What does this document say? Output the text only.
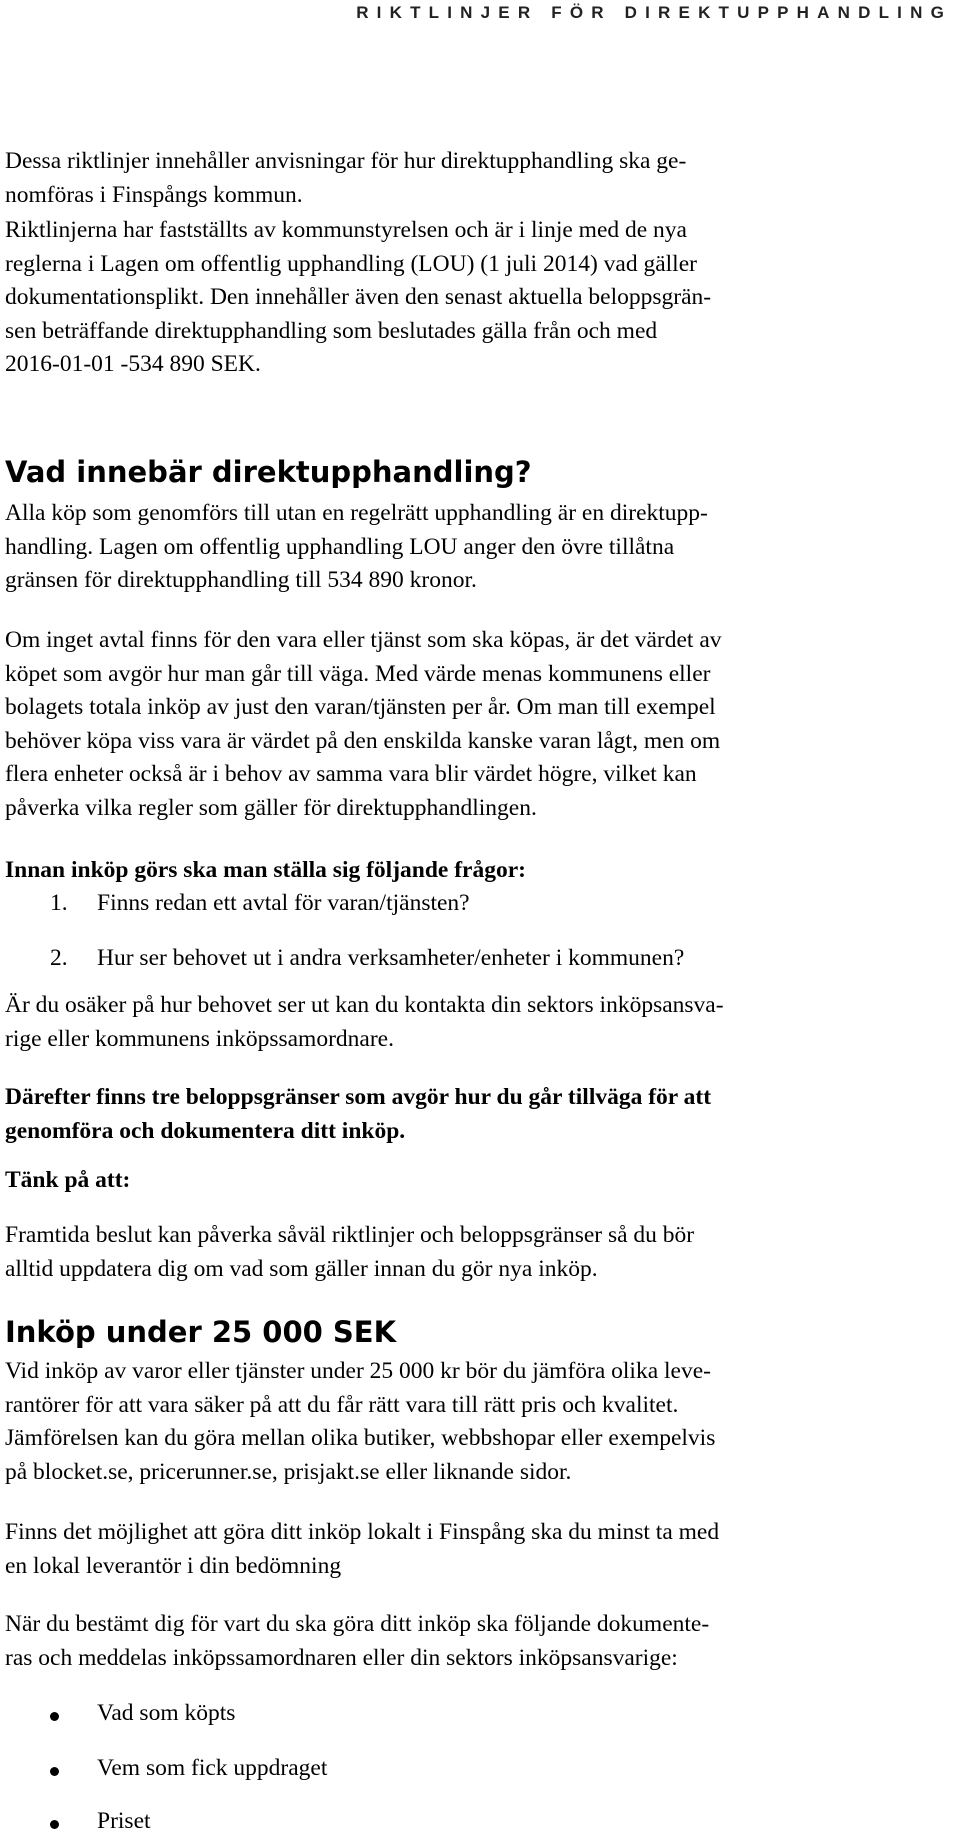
RIKTLINJER FÖR DIREKTUPPHANDLING
Dessa riktlinjer innehåller anvisningar för hur direktupphandling ska ge-
nomföras i Finspångs kommun.
Riktlinjerna har fastställts av kommunstyrelsen och är i linje med de nya
reglerna i Lagen om offentlig upphandling (LOU) (1 juli 2014) vad gäller
dokumentationsplikt. Den innehåller även den senast aktuella beloppsgrän-
sen beträffande direktupphandling som beslutades gälla från och med
2016-01-01 -534 890 SEK.
Vad innebär direktupphandling?
Alla köp som genomförs till utan en regelrätt upphandling är en direktupp-
handling. Lagen om offentlig upphandling LOU anger den övre tillåtna
gränsen för direktupphandling till 534 890 kronor.
Om inget avtal finns för den vara eller tjänst som ska köpas, är det värdet av
köpet som avgör hur man går till väga. Med värde menas kommunens eller
bolagets totala inköp av just den varan/tjänsten per år. Om man till exempel
behöver köpa viss vara är värdet på den enskilda kanske varan lågt, men om
flera enheter också är i behov av samma vara blir värdet högre, vilket kan
påverka vilka regler som gäller för direktupphandlingen.
Innan inköp görs ska man ställa sig följande frågor:
1. Finns redan ett avtal för varan/tjänsten?
2. Hur ser behovet ut i andra verksamheter/enheter i kommunen?
Är du osäker på hur behovet ser ut kan du kontakta din sektors inköpsansva-
rige eller kommunens inköpssamordnare.
Därefter finns tre beloppsgränser som avgör hur du går tillväga för att
genomföra och dokumentera ditt inköp.
Tänk på att:
Framtida beslut kan påverka såväl riktlinjer och beloppsgränser så du bör
alltid uppdatera dig om vad som gäller innan du gör nya inköp.
Inköp under 25 000 SEK
Vid inköp av varor eller tjänster under 25 000 kr bör du jämföra olika leve-
rantörer för att vara säker på att du får rätt vara till rätt pris och kvalitet.
Jämförelsen kan du göra mellan olika butiker, webbshopar eller exempelvis
på blocket.se, pricerunner.se, prisjakt.se eller liknande sidor.
Finns det möjlighet att göra ditt inköp lokalt i Finspång ska du minst ta med
en lokal leverantör i din bedömning
När du bestämt dig för vart du ska göra ditt inköp ska följande dokumente-
ras och meddelas inköpssamordnaren eller din sektors inköpsansvarige:
Vad som köpts
Vem som fick uppdraget
Priset
